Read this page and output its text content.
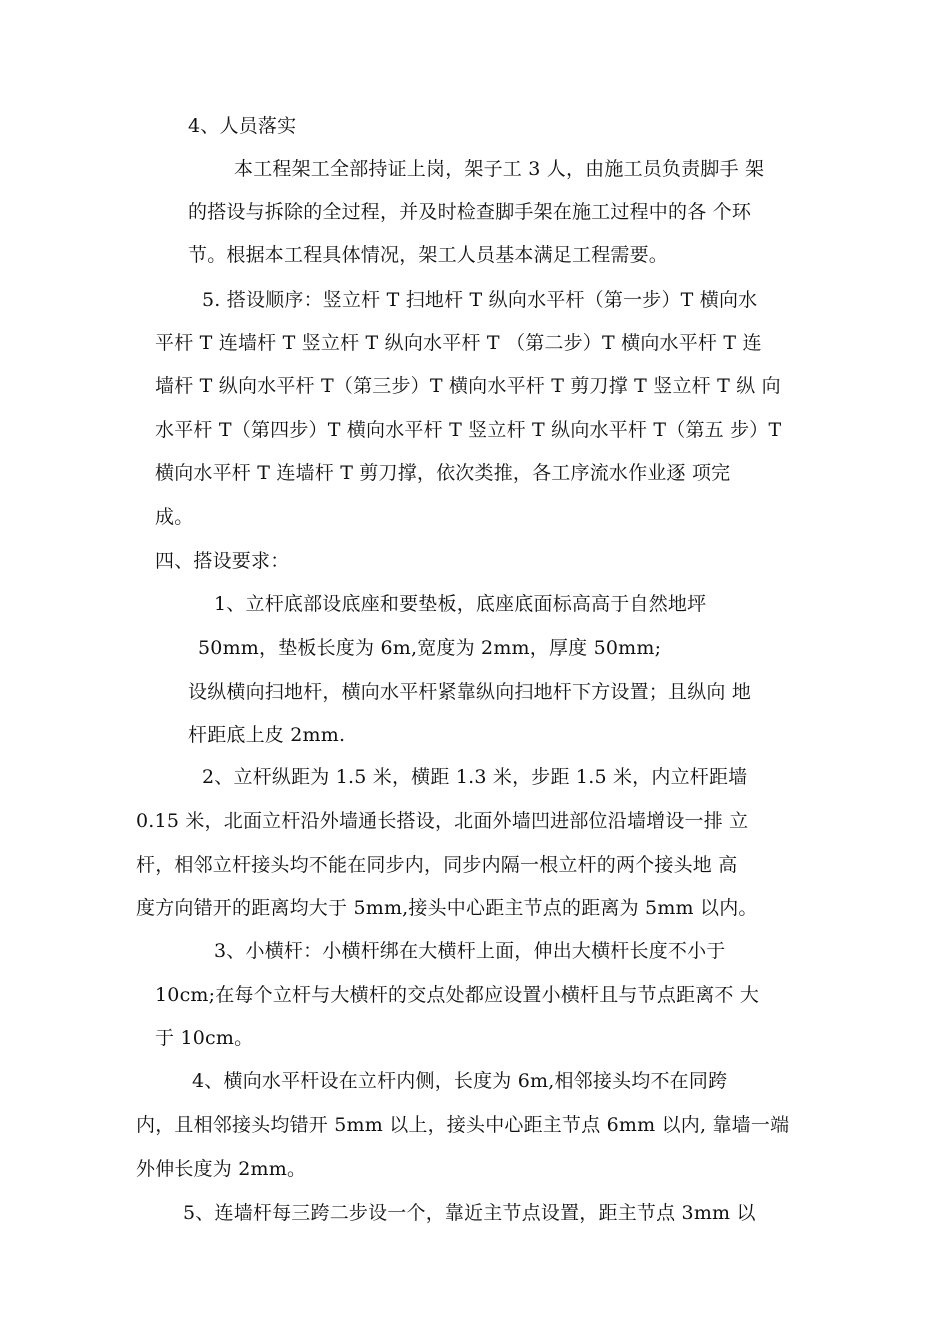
4、人员落实
本工程架工全部持证上岗，架子工 3 人，由施工员负责脚手 架
的搭设与拆除的全过程，并及时检查脚手架在施工过程中的各 个环
节。根据本工程具体情况，架工人员基本满足工程需要。
5. 搭设顺序：竖立杆 T 扫地杆 T 纵向水平杆（第一步）T 横向水
平杆 T 连墙杆 T 竖立杆 T 纵向水平杆 T （第二步）T 横向水平杆 T 连
墙杆 T 纵向水平杆 T（第三步）T 横向水平杆 T 剪刀撑 T 竖立杆 T 纵 向
水平杆 T（第四步）T 横向水平杆 T 竖立杆 T 纵向水平杆 T（第五 步）T
横向水平杆 T 连墙杆 T 剪刀撑，依次类推，各工序流水作业逐 项完
成。
四、搭设要求：
1、立杆底部设底座和要垫板，底座底面标高高于自然地坪
50mm，垫板长度为 6m,宽度为 2mm，厚度 50mm;
设纵横向扫地杆，横向水平杆紧靠纵向扫地杆下方设置；且纵向 地
杆距底上皮 2mm.
2、立杆纵距为 1.5 米，横距 1.3 米，步距 1.5 米，内立杆距墙
0.15 米，北面立杆沿外墙通长搭设，北面外墙凹进部位沿墙增设一排 立
杆，相邻立杆接头均不能在同步内，同步内隔一根立杆的两个接头地 高
度方向错开的距离均大于 5mm,接头中心距主节点的距离为 5mm 以内。
3、小横杆：小横杆绑在大横杆上面，伸出大横杆长度不小于
10cm;在每个立杆与大横杆的交点处都应设置小横杆且与节点距离不 大
于 10cm。
4、横向水平杆设在立杆内侧，长度为 6m,相邻接头均不在同跨
内，且相邻接头均错开 5mm 以上，接头中心距主节点 6mm 以内, 靠墙一端
外伸长度为 2mm。
5、连墙杆每三跨二步设一个，靠近主节点设置，距主节点 3mm 以
